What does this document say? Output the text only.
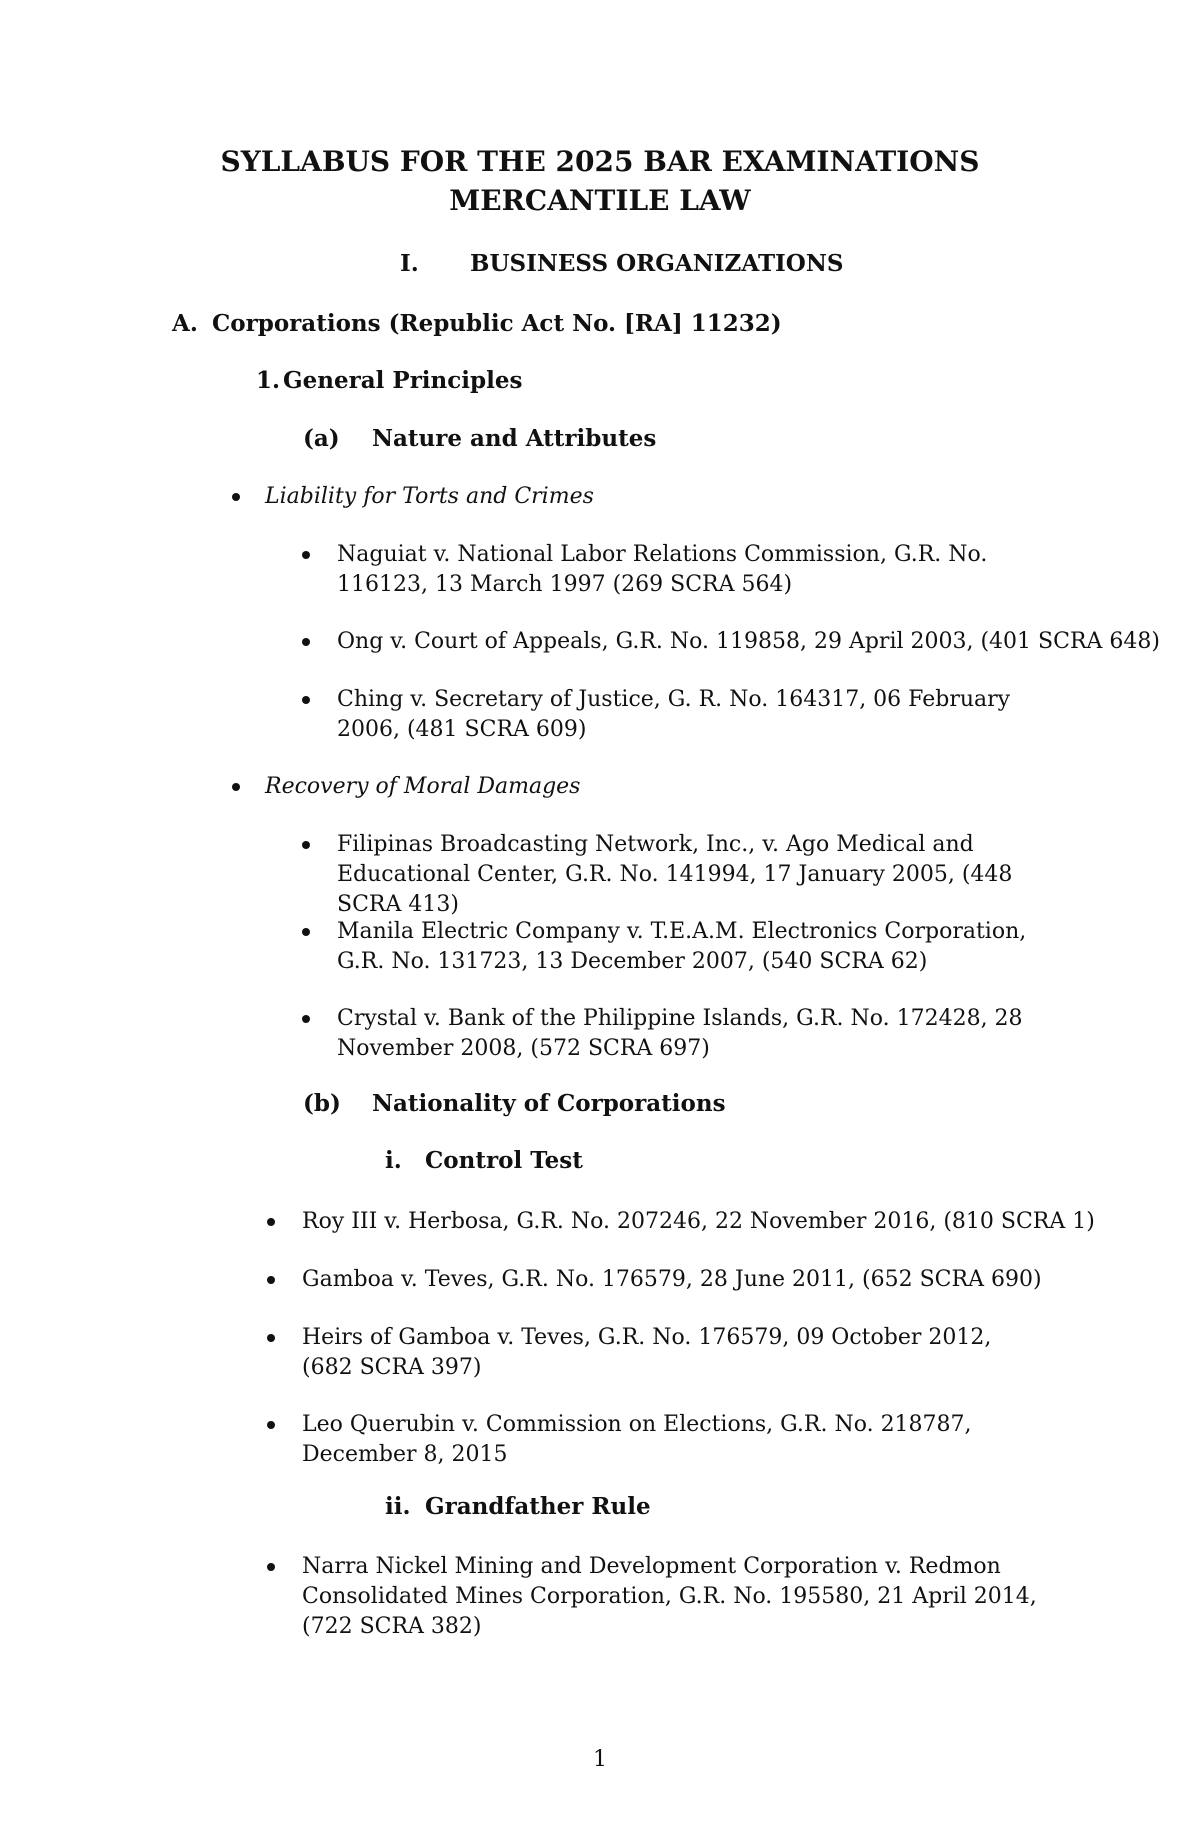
SYLLABUS FOR THE 2025 BAR EXAMINATIONS
MERCANTILE LAW
I. BUSINESS ORGANIZATIONS
A. Corporations (Republic Act No. [RA] 11232)
1. General Principles
(a) Nature and Attributes
Liability for Torts and Crimes
Naguiat v. National Labor Relations Commission, G.R. No. 116123, 13 March 1997 (269 SCRA 564)
Ong v. Court of Appeals, G.R. No. 119858, 29 April 2003, (401 SCRA 648)
Ching v. Secretary of Justice, G. R. No. 164317, 06 February 2006, (481 SCRA 609)
Recovery of Moral Damages
Filipinas Broadcasting Network, Inc., v. Ago Medical and Educational Center, G.R. No. 141994, 17 January 2005, (448 SCRA 413)
Manila Electric Company v. T.E.A.M. Electronics Corporation, G.R. No. 131723, 13 December 2007, (540 SCRA 62)
Crystal v. Bank of the Philippine Islands, G.R. No. 172428, 28 November 2008, (572 SCRA 697)
(b) Nationality of Corporations
i. Control Test
Roy III v. Herbosa, G.R. No. 207246, 22 November 2016, (810 SCRA 1)
Gamboa v. Teves, G.R. No. 176579, 28 June 2011, (652 SCRA 690)
Heirs of Gamboa v. Teves, G.R. No. 176579, 09 October 2012, (682 SCRA 397)
Leo Querubin v. Commission on Elections, G.R. No. 218787, December 8, 2015
ii. Grandfather Rule
Narra Nickel Mining and Development Corporation v. Redmon Consolidated Mines Corporation, G.R. No. 195580, 21 April 2014, (722 SCRA 382)
1
